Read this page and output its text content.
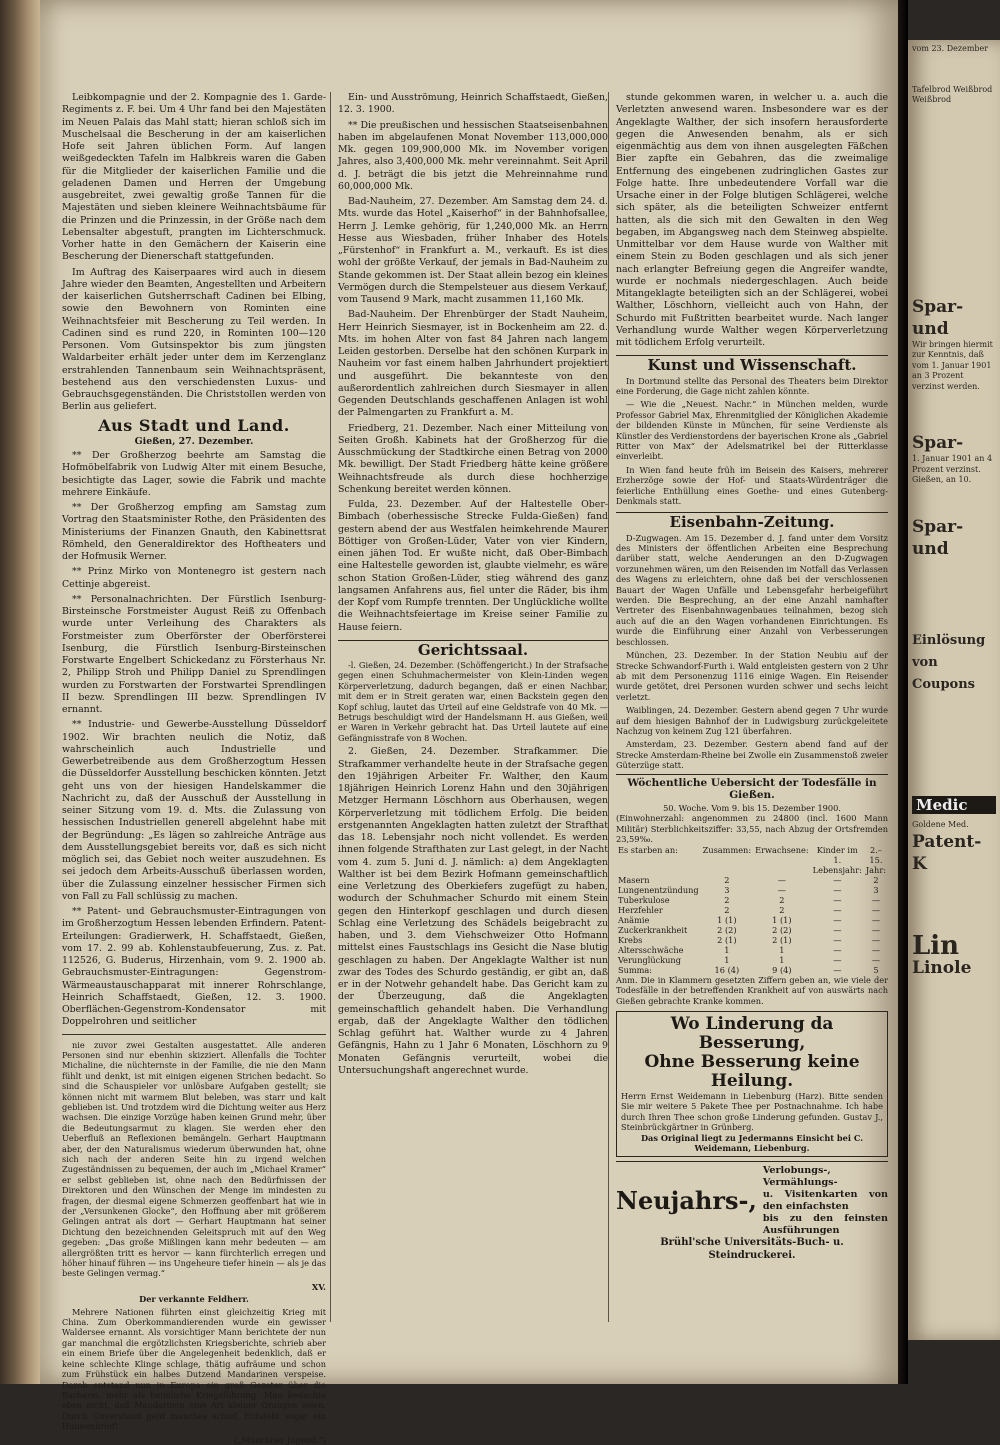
Leibkompagnie und der 2. Kompagnie des 1. Garde-Regiments z. F. bei. Um 4 Uhr fand bei den Majestäten im Neuen Palais das Mahl statt; hieran schloß sich im Muschelsaal die Bescherung in der am kaiserlichen Hofe seit Jahren üblichen Form. Auf langen weißgedeckten Tafeln im Halbkreis waren die Gaben für die Mitglieder der kaiserlichen Familie und die geladenen Damen und Herren der Umgebung ausgebreitet, zwei gewaltig große Tannen für die Majestäten und sieben kleinere Weihnachtsbäume für die Prinzen und die Prinzessin, in der Größe nach dem Lebensalter abgestuft, prangten im Lichterschmuck. Vorher hatte in den Gemächern der Kaiserin eine Bescherung der Dienerschaft stattgefunden.

Im Auftrag des Kaiserpaares wird auch in diesem Jahre wieder den Beamten, Angestellten und Arbeitern der kaiserlichen Gutsherrschaft Cadinen bei Elbing, sowie den Bewohnern von Rominten eine Weihnachtsfeier mit Bescherung zu Teil werden. In Cadinen sind es rund 220, in Rominten 100—120 Personen. Vom Gutsinspektor bis zum jüngsten Waldarbeiter erhält jeder unter dem im Kerzenglanz erstrahlenden Tannenbaum sein Weihnachtspräsent, bestehend aus den verschiedensten Luxus- und Gebrauchsgegenständen. Die Christstollen werden von Berlin aus geliefert.

Aus Stadt und Land.
Gießen, 27. Dezember.

** Der Großherzog beehrte am Samstag die Hofmöbelfabrik von Ludwig Alter mit einem Besuche, besichtigte das Lager, sowie die Fabrik und machte mehrere Einkäufe.

** Der Großherzog empfing am Samstag zum Vortrag den Staatsminister Rothe, den Präsidenten des Ministeriums der Finanzen Gnauth, den Kabinettsrat Römheld, den Generaldirektor des Hoftheaters und der Hofmusik Werner.

** Prinz Mirko von Montenegro ist gestern nach Cettinje abgereist.

** Personalnachrichten. Der Fürstlich Isenburg-Birsteinsche Forstmeister August Reiß zu Offenbach wurde unter Verleihung des Charakters als Forstmeister zum Oberförster der Oberförsterei Isenburg, die Fürstlich Isenburg-Birsteinschen Forstwarte Engelbert Schickedanz zu Försterhaus Nr. 2, Philipp Stroh und Philipp Daniel zu Sprendlingen wurden zu Forstwarten der Forstwartei Sprendlingen II bezw. Sprendlingen III bezw. Sprendlingen IV ernannt.

** Industrie- und Gewerbe-Ausstellung Düsseldorf 1902. Wir brachten neulich die Notiz, daß wahrscheinlich auch Industrielle und Gewerbetreibende aus dem Großherzogtum Hessen die Düsseldorfer Ausstellung beschicken könnten. Jetzt geht uns von der hiesigen Handelskammer die Nachricht zu, daß der Ausschuß der Ausstellung in seiner Sitzung vom 19. d. Mts. die Zulassung von hessischen Industriellen generell abgelehnt habe mit der Begründung: „Es lägen so zahlreiche Anträge aus dem Ausstellungsgebiet bereits vor, daß es sich nicht möglich sei, das Gebiet noch weiter auszudehnen. Es sei jedoch dem Arbeits-Ausschuß überlassen worden, über die Zulassung einzelner hessischer Firmen sich von Fall zu Fall schlüssig zu machen.

** Patent- und Gebrauchsmuster-Eintragungen von im Großherzogtum Hessen lebenden Erfindern. Patent-Erteilungen: Gradierwerk, H. Schaffstaedt, Gießen, vom 17. 2. 99 ab. Kohlenstaubfeuerung, Zus. z. Pat. 112526, G. Buderus, Hirzenhain, vom 9. 2. 1900 ab. Gebrauchsmuster-Eintragungen: Gegenstrom-Wärmeaustauschapparat mit innerer Rohrschlange, Heinrich Schaffstaedt, Gießen, 12. 3. 1900. Oberflächen-Gegenstrom-Kondensator mit Doppelrohren und seitlicher

nie zuvor zwei Gestalten ausgestattet. Alle anderen Personen sind nur ebenhin skizziert. Allenfalls die Tochter Michaline, die nüchternste in der Familie, die nie den Mann fühlt und denkt, ist mit einigen eigenen Strichen bedacht. So sind die Schauspieler vor unlösbare Aufgaben gestellt; sie können nicht mit warmem Blut beleben, was starr und kalt geblieben ist. Und trotzdem wird die Dichtung weiter aus Herz wachsen. Die einzige Vorzüge haben keinen Grund mehr, über die Bedeutungsarmut zu klagen. Sie werden eher den Ueberfluß an Reflexionen bemängeln. Gerhart Hauptmann aber, der den Naturalismus wiederum überwunden hat, ohne sich nach der anderen Seite hin zu irgend welchen Zugeständnissen zu bequemen, der auch im „Michael Kramer“ er selbst geblieben ist, ohne nach den Bedürfnissen der Direktoren und den Wünschen der Menge im mindesten zu fragen, der diesmal eigene Schmerzen geoffenbart hat wie in der „Versunkenen Glocke“, den Hoffnung aber mit größerem Gelingen antrat als dort — Gerhart Hauptmann hat seiner Dichtung den bezeichnenden Geleitspruch mit auf den Weg gegeben: „Das große Mißlingen kann mehr bedeuten — am allergrößten tritt es hervor — kann fürchterlich erregen und höher hinauf führen — ins Ungeheure tiefer hinein — als je das beste Gelingen vermag.“

XV.
Der verkannte Feldherr.

Mehrere Nationen führten einst gleichzeitig Krieg mit China. Zum Oberkommandierenden wurde ein gewisser Waldersee ernannt. Als vorsichtiger Mann berichtete der nun gar manchmal die ergötzlichsten Kriegsberichte, schrieb aber ein einem Briefe über die Angelegenheit bedenklich, daß er keine schlechte Klinge schlage, thätig aufräume und schon zum Frühstück ein halbes Dutzend Mandarinen verspeise. Darob entstand nun in Europa ein groß Gezeter über die Barbarei, mehr als heimliche Kriegsführung. Man bedachte eben nicht, daß Mandarinen eine Art kleiner Orangen seien. Durch Unverstand geht manches schief, Entsteht sogar ein Hunnenbrief!

(„Münchner Jugend.“)

Ein- und Ausströmung, Heinrich Schaffstaedt, Gießen, 12. 3. 1900.

** Die preußischen und hessischen Staatseisenbahnen haben im abgelaufenen Monat November 113,000,000 Mk. gegen 109,900,000 Mk. im November vorigen Jahres, also 3,400,000 Mk. mehr vereinnahmt. Seit April d. J. beträgt die bis jetzt die Mehreinnahme rund 60,000,000 Mk.

Bad-Nauheim, 27. Dezember. Am Samstag dem 24. d. Mts. wurde das Hotel „Kaiserhof“ in der Bahnhofsallee, Herrn J. Lemke gehörig, für 1,240,000 Mk. an Herrn Hesse aus Wiesbaden, früher Inhaber des Hotels „Fürstenhof“ in Frankfurt a. M., verkauft. Es ist dies wohl der größte Verkauf, der jemals in Bad-Nauheim zu Stande gekommen ist. Der Staat allein bezog ein kleines Vermögen durch die Stempelsteuer aus diesem Verkauf, vom Tausend 9 Mark, macht zusammen 11,160 Mk.

Bad-Nauheim. Der Ehrenbürger der Stadt Nauheim, Herr Heinrich Siesmayer, ist in Bockenheim am 22. d. Mts. im hohen Alter von fast 84 Jahren nach langem Leiden gestorben. Derselbe hat den schönen Kurpark in Nauheim vor fast einem halben Jahrhundert projektiert und ausgeführt. Die bekannteste von den außerordentlich zahlreichen durch Siesmayer in allen Gegenden Deutschlands geschaffenen Anlagen ist wohl der Palmengarten zu Frankfurt a. M.

Friedberg, 21. Dezember. Nach einer Mitteilung von Seiten Großh. Kabinets hat der Großherzog für die Ausschmückung der Stadtkirche einen Betrag von 2000 Mk. bewilligt. Der Stadt Friedberg hätte keine größere Weihnachtsfreude als durch diese hochherzige Schenkung bereitet werden können.

Fulda, 23. Dezember. Auf der Haltestelle Ober-Bimbach (oberhessische Strecke Fulda-Gießen) fand gestern abend der aus Westfalen heimkehrende Maurer Böttiger von Großen-Lüder, Vater von vier Kindern, einen jähen Tod. Er wußte nicht, daß Ober-Bimbach eine Haltestelle geworden ist, glaubte vielmehr, es wäre schon Station Großen-Lüder, stieg während des ganz langsamen Anfahrens aus, fiel unter die Räder, bis ihm der Kopf vom Rumpfe trennten. Der Unglückliche wollte die Weihnachtsfeiertage im Kreise seiner Familie zu Hause feiern.

Gerichtssaal.

-l. Gießen, 24. Dezember. (Schöffengericht.) In der Strafsache gegen einen Schuhmachermeister von Klein-Linden wegen Körperverletzung, dadurch begangen, daß er einen Nachbar, mit dem er in Streit geraten war, einen Backstein gegen den Kopf schlug, lautet das Urteil auf eine Geldstrafe von 40 Mk. — Betrugs beschuldigt wird der Handelsmann H. aus Gießen, weil er Waren in Verkehr gebracht hat. Das Urteil lautete auf eine Gefängnisstrafe von 8 Wochen.

2. Gießen, 24. Dezember. Strafkammer. Die Strafkammer verhandelte heute in der Strafsache gegen den 19jährigen Arbeiter Fr. Walther, den Kaum 18jährigen Heinrich Lorenz Hahn und den 30jährigen Metzger Hermann Löschhorn aus Oberhausen, wegen Körperverletzung mit tödlichem Erfolg. Die beiden erstgenannten Angeklagten hatten zuletzt der Strafthat das 18. Lebensjahr noch nicht vollendet. Es werden ihnen folgende Strafthaten zur Last gelegt, in der Nacht vom 4. zum 5. Juni d. J. nämlich: a) dem Angeklagten Walther ist bei dem Bezirk Hofmann gemeinschaftlich eine Verletzung des Oberkiefers zugefügt zu haben, wodurch der Schuhmacher Schurdo mit einem Stein gegen den Hinterkopf geschlagen und durch diesen Schlag eine Verletzung des Schädels beigebracht zu haben, und 3. dem Viehschweizer Otto Hofmann mittelst eines Faustschlags ins Gesicht die Nase blutig geschlagen zu haben. Der Angeklagte Walther ist nun zwar des Todes des Schurdo geständig, er gibt an, daß er in der Notwehr gehandelt habe. Das Gericht kam zu der Überzeugung, daß die Angeklagten gemeinschaftlich gehandelt haben. Die Verhandlung ergab, daß der Angeklagte Walther den tödlichen Schlag geführt hat. Walther wurde zu 4 Jahren Gefängnis, Hahn zu 1 Jahr 6 Monaten, Löschhorn zu 9 Monaten Gefängnis verurteilt, wobei die Untersuchungshaft angerechnet wurde.

stunde gekommen waren, in welcher u. a. auch die Verletzten anwesend waren. Insbesondere war es der Angeklagte Walther, der sich insofern herausforderte gegen die Anwesenden benahm, als er sich eigenmächtig aus dem von ihnen ausgelegten Fäßchen Bier zapfte ein Gebahren, das die zweimalige Entfernung des eingebenen zudringlichen Gastes zur Folge hatte. Ihre unbedeutendere Vorfall war die Ursache einer in der Folge blutigen Schlägerei, welche sich später, als die beteiligten Schweizer entfernt hatten, als die sich mit den Gewalten in den Weg begaben, im Abgangsweg nach dem Steinweg abspielte. Unmittelbar vor dem Hause wurde von Walther mit einem Stein zu Boden geschlagen und als sich jener nach erlangter Befreiung gegen die Angreifer wandte, wurde er nochmals niedergeschlagen. Auch beide Mitangeklagte beteiligten sich an der Schlägerei, wobei Walther, Löschhorn, vielleicht auch von Hahn, der Schurdo mit Fußtritten bearbeitet wurde. Nach langer Verhandlung wurde Walther wegen Körperverletzung mit tödlichem Erfolg verurteilt.

Kunst und Wissenschaft.

In Dortmund stellte das Personal des Theaters beim Direktor eine Forderung, die Gage nicht zahlen könnte.

— Wie die „Neuest. Nachr.“ in München melden, wurde Professor Gabriel Max, Ehrenmitglied der Königlichen Akademie der bildenden Künste in München, für seine Verdienste als Künstler des Verdienstordens der bayerischen Krone als „Gabriel Ritter von Max“ der Adelsmatrikel bei der Ritterklasse einverleibt.

In Wien fand heute früh im Beisein des Kaisers, mehrerer Erzherzöge sowie der Hof- und Staats-Würdenträger die feierliche Enthüllung eines Goethe- und eines Gutenberg-Denkmals statt.

Eisenbahn-Zeitung.

D-Zugwagen. Am 15. Dezember d. J. fand unter dem Vorsitz des Ministers der öffentlichen Arbeiten eine Besprechung darüber statt, welche Aenderungen an den D-Zugwagen vorzunehmen wären, um den Reisenden im Notfall das Verlassen des Wagens zu erleichtern, ohne daß bei der verschlossenen Bauart der Wagen Unfälle und Lebensgefahr herbeigeführt werden. Die Besprechung, an der eine Anzahl namhafter Vertreter des Eisenbahnwagenbaues teilnahmen, bezog sich auch auf die an den Wagen vorhandenen Einrichtungen. Es wurde die Einführung einer Anzahl von Verbesserungen beschlossen.

München, 23. Dezember. In der Station Neubiu auf der Strecke Schwandorf-Furth i. Wald entgleisten gestern von 2 Uhr ab mit dem Personenzug 1116 einige Wagen. Ein Reisender wurde getötet, drei Personen wurden schwer und sechs leicht verletzt.

Waiblingen, 24. Dezember. Gestern abend gegen 7 Uhr wurde auf dem hiesigen Bahnhof der in Ludwigsburg zurückgeleitete Nachzug von keinem Zug 121 überfahren.

Amsterdam, 23. Dezember. Gestern abend fand auf der Strecke Amsterdam-Rheine bei Zwolle ein Zusammenstoß zweier Güterzüge statt.

Wöchentliche Uebersicht der Todesfälle in Gießen.
50. Woche. Vom 9. bis 15. Dezember 1900.
(Einwohnerzahl: angenommen zu 24800 (incl. 1600 Mann Militär) Sterblichkeitsziffer: 33,55, nach Abzug der Ortsfremden 23,59‰.
Es starben an:	Zusammen:	Erwachsene:	Kinder im 1. Lebensjahr:	2.–15. Jahr:
Masern	2	—	—	2
Lungenentzündung	3	—	—	3
Tuberkulose	2	2	—	—
Herzfehler	2	2	—	—
Anämie	1 (1)	1 (1)	—	—
Zuckerkrankheit	2 (2)	2 (2)	—	—
Krebs	2 (1)	2 (1)	—	—
Altersschwäche	1	1	—	—
Verunglückung	1	1	—	—
Summa:	16 (4)	9 (4)	—	5
Anm. Die in Klammern gesetzten Ziffern geben an, wie viele der Todesfälle in der betreffenden Krankheit auf von auswärts nach Gießen gebrachte Kranke kommen.
Wo Linderung da Besserung,
Ohne Besserung keine Heilung.
Herrn Ernst Weidemann in Liebenburg (Harz). Bitte senden Sie mir weitere 5 Pakete Thee per Postnachnahme. Ich habe durch Ihren Thee schon große Linderung gefunden. Gustav J., Steinbrückgärtner in Grünberg.
Das Original liegt zu Jedermanns Einsicht bei C. Weidemann, Liebenburg.
Neujahrs-,
Verlobungs-, Vermählungs-
u. Visitenkarten von den einfachsten
bis zu den feinsten Ausführungen
Brühl'sche Universitäts-Buch- u. Steindruckerei.
vom 23. Dezember
Tafelbrod Weißbrod Weißbrod
Spar- und
Wir bringen hiermit zur Kenntnis, daß vom 1. Januar 1901 an 3 Prozent verzinst werden.
Spar-
1. Januar 1901 an 4 Prozent verzinst.
Gießen, an 10.
Spar- und
Einlösung von Coupons
Medic
Goldene Med.
Patent-K
Lin
Linole
